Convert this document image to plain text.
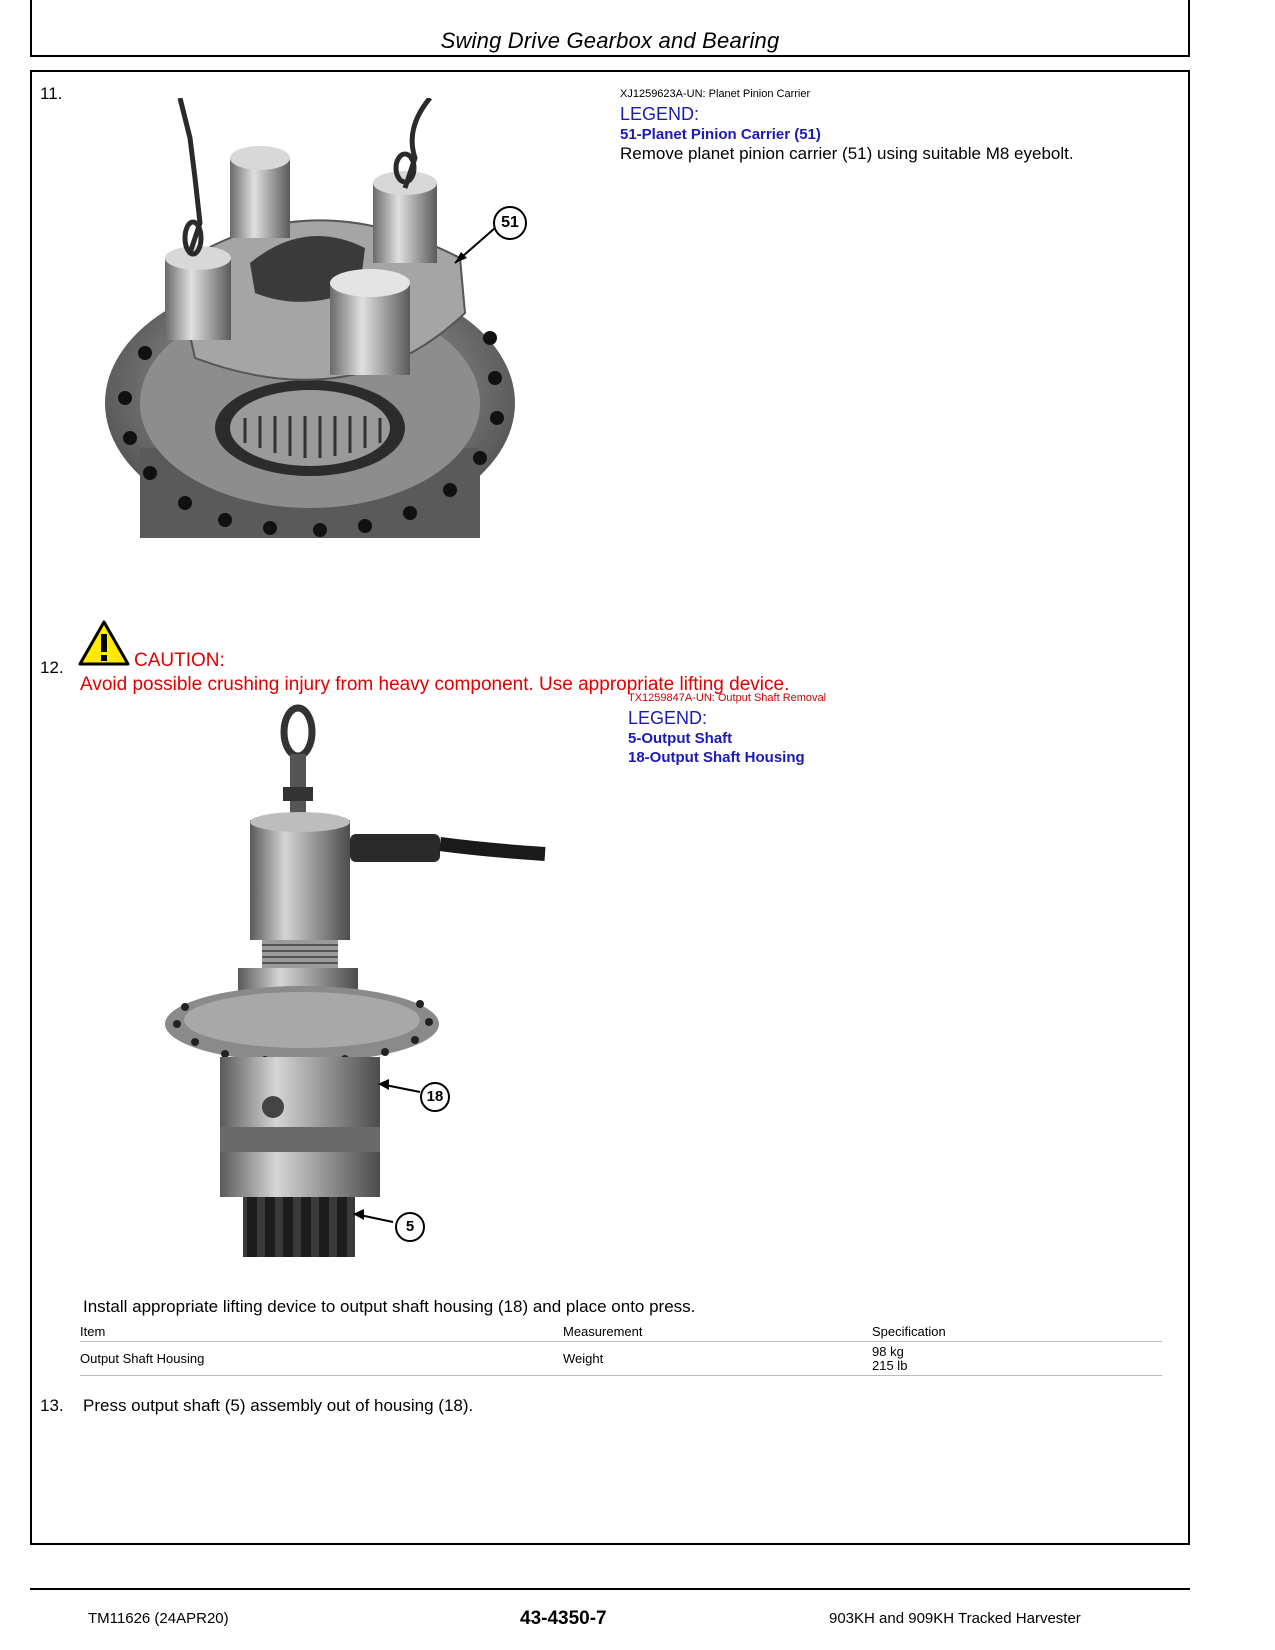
Swing Drive Gearbox and Bearing
11.
51
XJ1259623A-UN: Planet Pinion Carrier
LEGEND:
51-Planet Pinion Carrier (51)
Remove planet pinion carrier (51) using suitable M8 eyebolt.
12.	CAUTION:
Avoid possible crushing injury from heavy component. Use appropriate lifting device.
18
5
TX1259847A-UN: Output Shaft Removal
LEGEND:
5-Output Shaft
18-Output Shaft Housing
Install appropriate lifting device to output shaft housing (18) and place onto press.
Item	Measurement	Specification
Output Shaft Housing	Weight	98 kg
215 lb
13. Press output shaft (5) assembly out of housing (18).
TM11626 (24APR20)	43-4350-7	903KH and 909KH Tracked Harvester
